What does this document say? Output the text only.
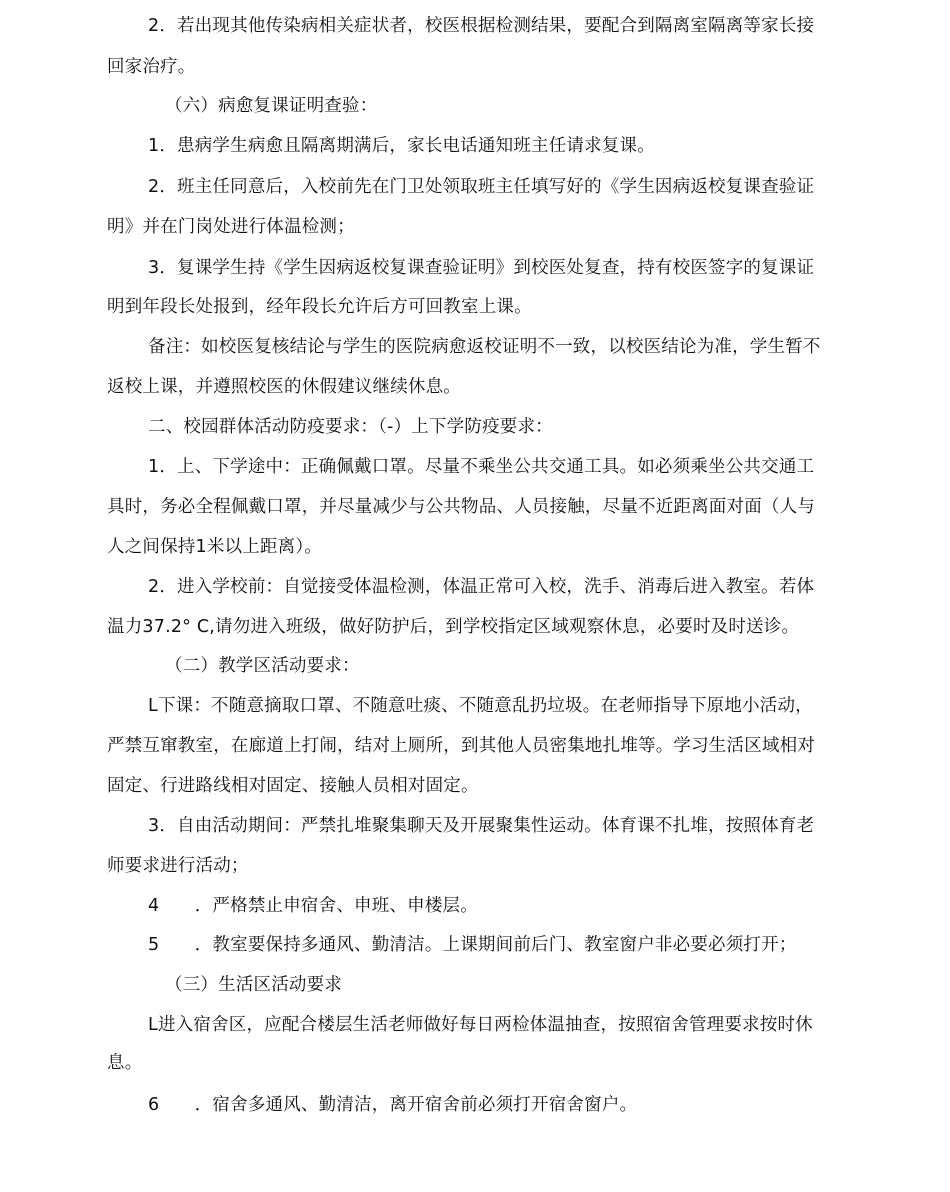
2．若出现其他传染病相关症状者，校医根据检测结果，要配合到隔离室隔离等家长接
回家治疗。
（六）病愈复课证明查验：
1．患病学生病愈且隔离期满后，家长电话通知班主任请求复课。
2．班主任同意后，入校前先在门卫处领取班主任填写好的《学生因病返校复课查验证
明》并在门岗处进行体温检测；
3．复课学生持《学生因病返校复课查验证明》到校医处复查，持有校医签字的复课证
明到年段长处报到，经年段长允许后方可回教室上课。
备注：如校医复核结论与学生的医院病愈返校证明不一致，以校医结论为准，学生暂不
返校上课，并遵照校医的休假建议继续休息。
二、校园群体活动防疫要求：（-）上下学防疫要求：
1．上、下学途中：正确佩戴口罩。尽量不乘坐公共交通工具。如必须乘坐公共交通工
具时，务必全程佩戴口罩，并尽量减少与公共物品、人员接触，尽量不近距离面对面（人与
人之间保持1米以上距离）。
2．进入学校前：自觉接受体温检测，体温正常可入校，洗手、消毒后进入教室。若体
温力37.2° C,请勿进入班级，做好防护后，到学校指定区域观察休息，必要时及时送诊。
（二）教学区活动要求：
L下课：不随意摘取口罩、不随意吐痰、不随意乱扔垃圾。在老师指导下原地小活动，
严禁互窜教室，在廊道上打闹，结对上厕所，到其他人员密集地扎堆等。学习生活区域相对
固定、行进路线相对固定、接触人员相对固定。
3．自由活动期间：严禁扎堆聚集聊天及开展聚集性运动。体育课不扎堆，按照体育老
师要求进行活动；
4　　．严格禁止申宿舍、申班、申楼层。
5　　．教室要保持多通风、勤清洁。上课期间前后门、教室窗户非必要必须打开；
（三）生活区活动要求
L进入宿舍区，应配合楼层生活老师做好每日两检体温抽查，按照宿舍管理要求按时休
息。
6　　．宿舍多通风、勤清洁，离开宿舍前必须打开宿舍窗户。
